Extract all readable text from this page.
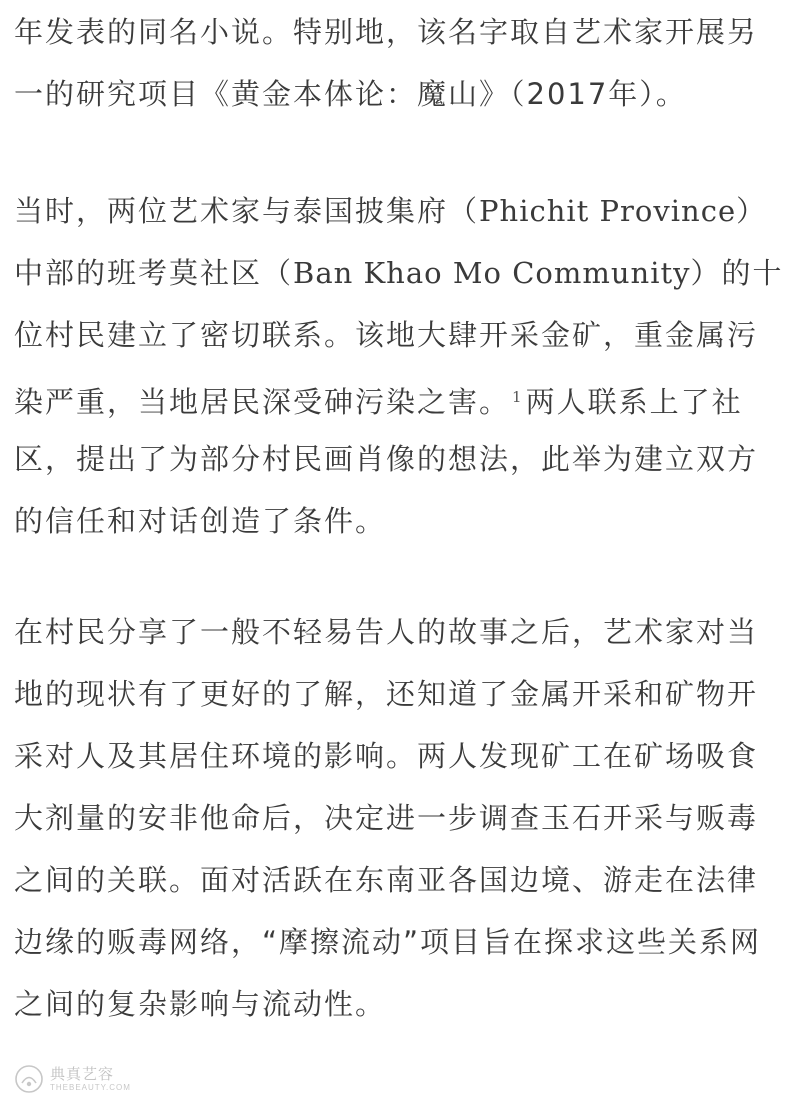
年发表的同名小说。特别地，该名字取自艺术家开展另

一的研究项目《黄金本体论：魔山》（2017年）。

当时，两位艺术家与泰国披集府（Phichit Province）

中部的班考莫社区（Ban Khao Mo Community）的十

位村民建立了密切联系。该地大肆开采金矿，重金属污

染严重，当地居民深受砷污染之害。 $^1$两人联系上了社

区，提出了为部分村民画肖像的想法，此举为建立双方

的信任和对话创造了条件。

在村民分享了一般不轻易告人的故事之后，艺术家对当

地的现状有了更好的了解，还知道了金属开采和矿物开

采对人及其居住环境的影响。两人发现矿工在矿场吸食

大剂量的安非他命后，决定进一步调查玉石开采与贩毒

之间的关联。面对活跃在东南亚各国边境、游走在法律

边缘的贩毒网络，“摩擦流动”项目旨在探求这些关系网

之间的复杂影响与流动性。

典真艺容
THEBEAUTY.COM
